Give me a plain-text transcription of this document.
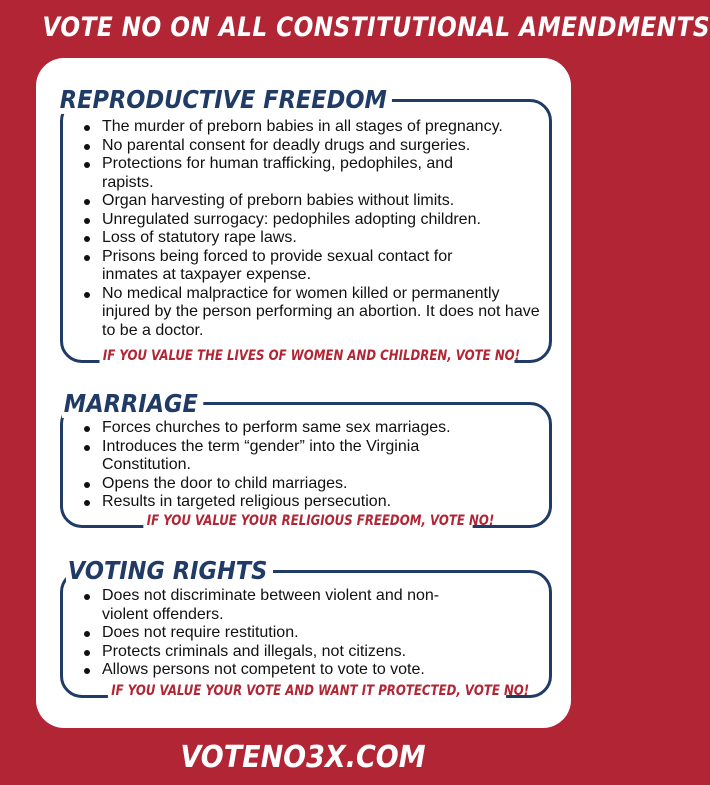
VOTE NO ON ALL CONSTITUTIONAL AMENDMENTS
REPRODUCTIVE FREEDOM
The murder of preborn babies in all stages of pregnancy.
No parental consent for deadly drugs and surgeries.
Protections for human trafficking, pedophiles, and rapists.
Organ harvesting of preborn babies without limits.
Unregulated surrogacy: pedophiles adopting children.
Loss of statutory rape laws.
Prisons being forced to provide sexual contact for inmates at taxpayer expense.
No medical malpractice for women killed or permanently injured by the person performing an abortion. It does not have to be a doctor.
IF YOU VALUE THE LIVES OF WOMEN AND CHILDREN, VOTE NO!
MARRIAGE
Forces churches to perform same sex marriages.
Introduces the term “gender” into the Virginia Constitution.
Opens the door to child marriages.
Results in targeted religious persecution.
IF YOU VALUE YOUR RELIGIOUS FREEDOM, VOTE NO!
VOTING RIGHTS
Does not discriminate between violent and non-violent offenders.
Does not require restitution.
Protects criminals and illegals, not citizens.
Allows persons not competent to vote to vote.
IF YOU VALUE YOUR VOTE AND WANT IT PROTECTED, VOTE NO!
VOTENO3X.COM
